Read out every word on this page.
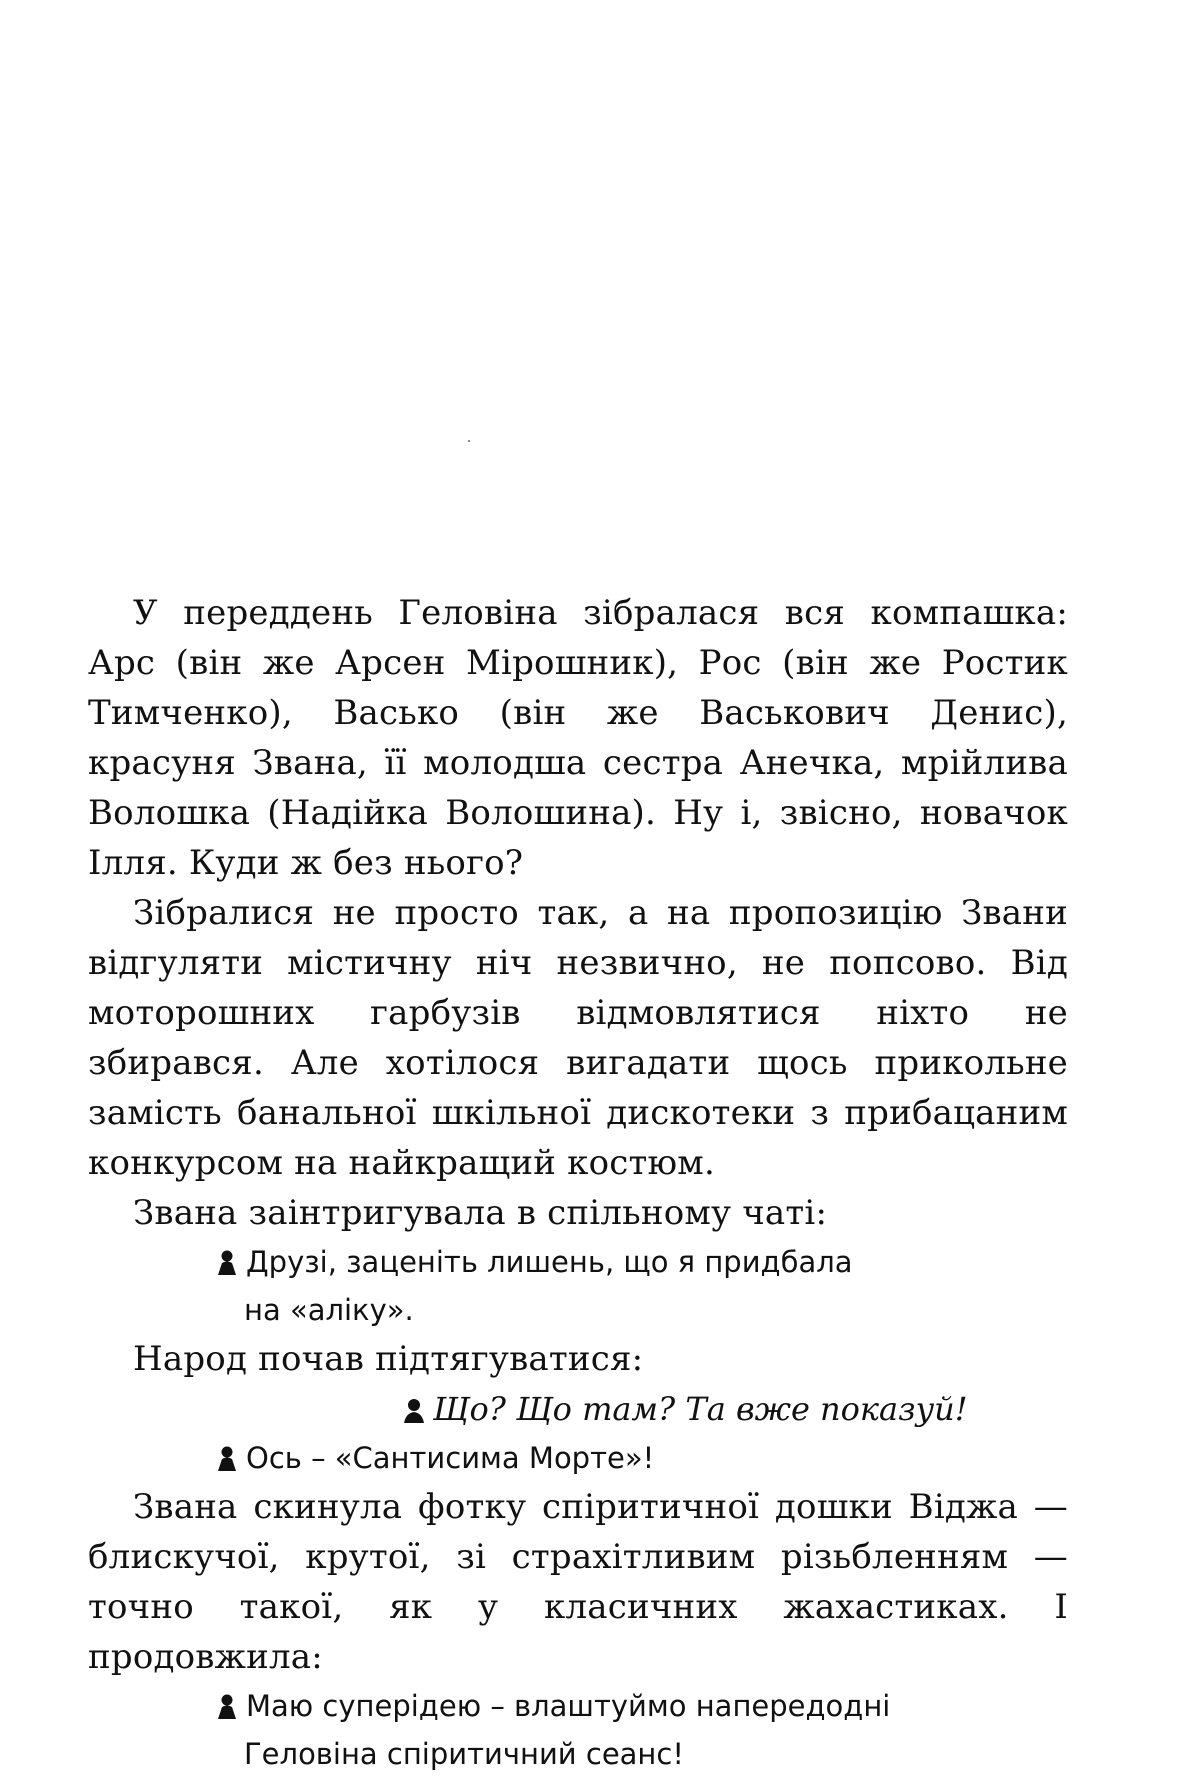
У переддень Геловіна зібралася вся компашка: Арс (він же Арсен Мірошник), Рос (він же Ростик Тимченко), Васько (він же Васькович Денис), красуня Звана, її молодша сестра Анечка, мрійлива Волошка (Надійка Волошина). Ну і, звісно, новачок Ілля. Куди ж без нього?

Зібралися не просто так, а на пропозицію Звани відгуляти містичну ніч незвично, не попсово. Від моторошних гарбузів відмовлятися ніхто не збирався. Але хотілося вигадати щось прикольне замість банальної шкільної дискотеки з прибацаним конкурсом на найкращий костюм.

Звана заінтригувала в спільному чаті:

Друзі, заценіть лишень, що я придбала
на «аліку».

Народ почав підтягуватися:

Що? Що там? Та вже показуй!
Ось – «Сантисима Морте»!

Звана скинула фотку спіритичної дошки Віджа — блискучої, крутої, зі страхітливим різьбленням — точно такої, як у класичних жахастиках. І продовжила:

Маю суперідею – влаштуймо напередодні
Геловіна спіритичний сеанс!
